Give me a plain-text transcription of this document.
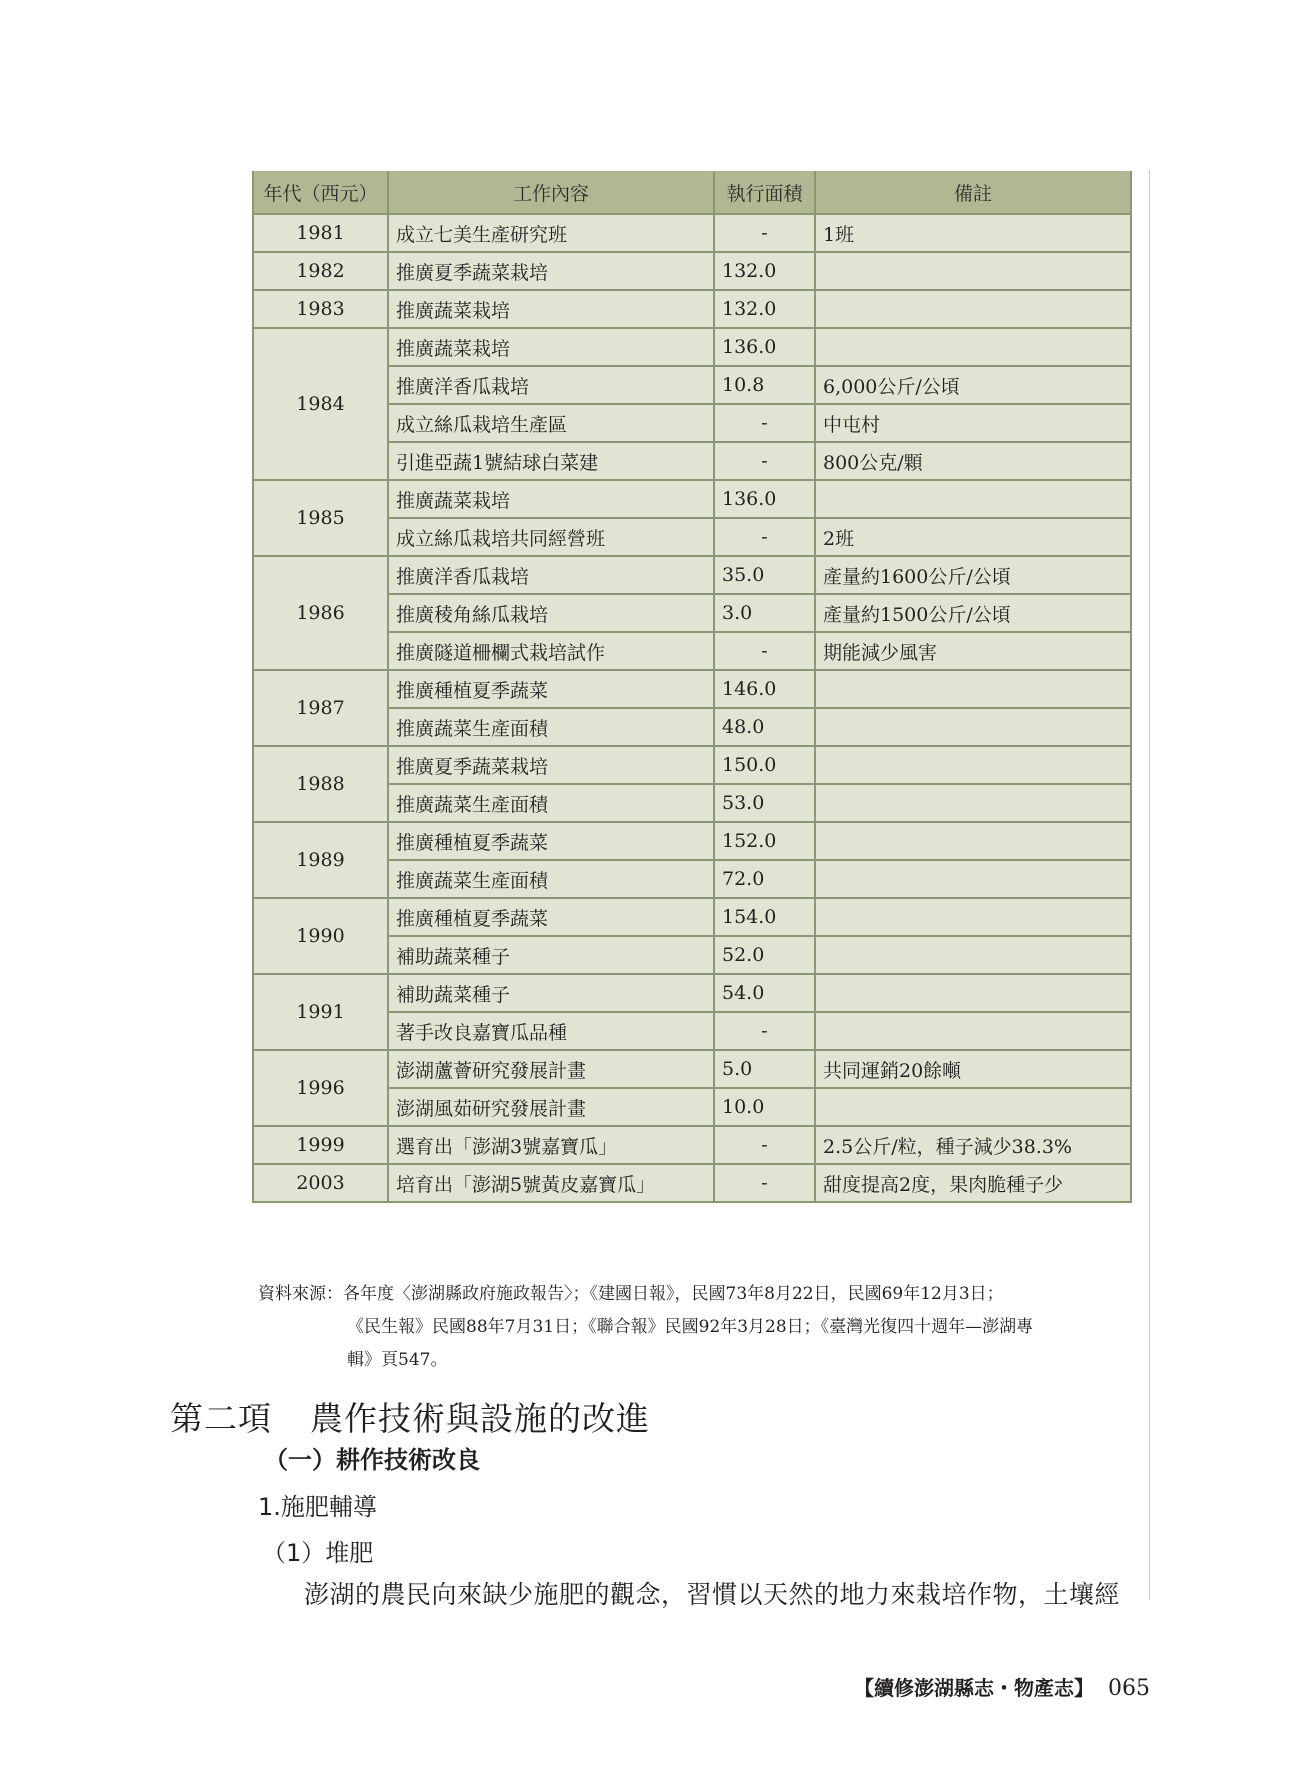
年代（西元）	工作內容	執行面積	備註
1981	成立七美生產研究班	-	1班
1982	推廣夏季蔬菜栽培	132.0	
1983	推廣蔬菜栽培	132.0	
1984	推廣蔬菜栽培	136.0	
	推廣洋香瓜栽培	10.8	6,000公斤/公頃
	成立絲瓜栽培生產區	-	中屯村
	引進亞蔬1號結球白菜建	-	800公克/顆
1985	推廣蔬菜栽培	136.0	
	成立絲瓜栽培共同經營班	-	2班
1986	推廣洋香瓜栽培	35.0	產量約1600公斤/公頃
	推廣稜角絲瓜栽培	3.0	產量約1500公斤/公頃
	推廣隧道柵欄式栽培試作	-	期能減少風害
1987	推廣種植夏季蔬菜	146.0	
	推廣蔬菜生產面積	48.0	
1988	推廣夏季蔬菜栽培	150.0	
	推廣蔬菜生產面積	53.0	
1989	推廣種植夏季蔬菜	152.0	
	推廣蔬菜生產面積	72.0	
1990	推廣種植夏季蔬菜	154.0	
	補助蔬菜種子	52.0	
1991	補助蔬菜種子	54.0	
	著手改良嘉寶瓜品種	-	
1996	澎湖蘆薈研究發展計畫	5.0	共同運銷20餘噸
	澎湖風茹研究發展計畫	10.0	
1999	選育出「澎湖3號嘉寶瓜」	-	2.5公斤/粒，種子減少38.3%
2003	培育出「澎湖5號黃皮嘉寶瓜」	-	甜度提高2度，果肉脆種子少
資料來源：各年度〈澎湖縣政府施政報告〉；《建國日報》，民國73年8月22日，民國69年12月3日；
《民生報》民國88年7月31日；《聯合報》民國92年3月28日；《臺灣光復四十週年—澎湖專
輯》頁547。
第二項 農作技術與設施的改進
（一）耕作技術改良
1.施肥輔導
（1）堆肥
澎湖的農民向來缺少施肥的觀念，習慣以天然的地力來栽培作物，土壤經
【續修澎湖縣志・物產志】 065
